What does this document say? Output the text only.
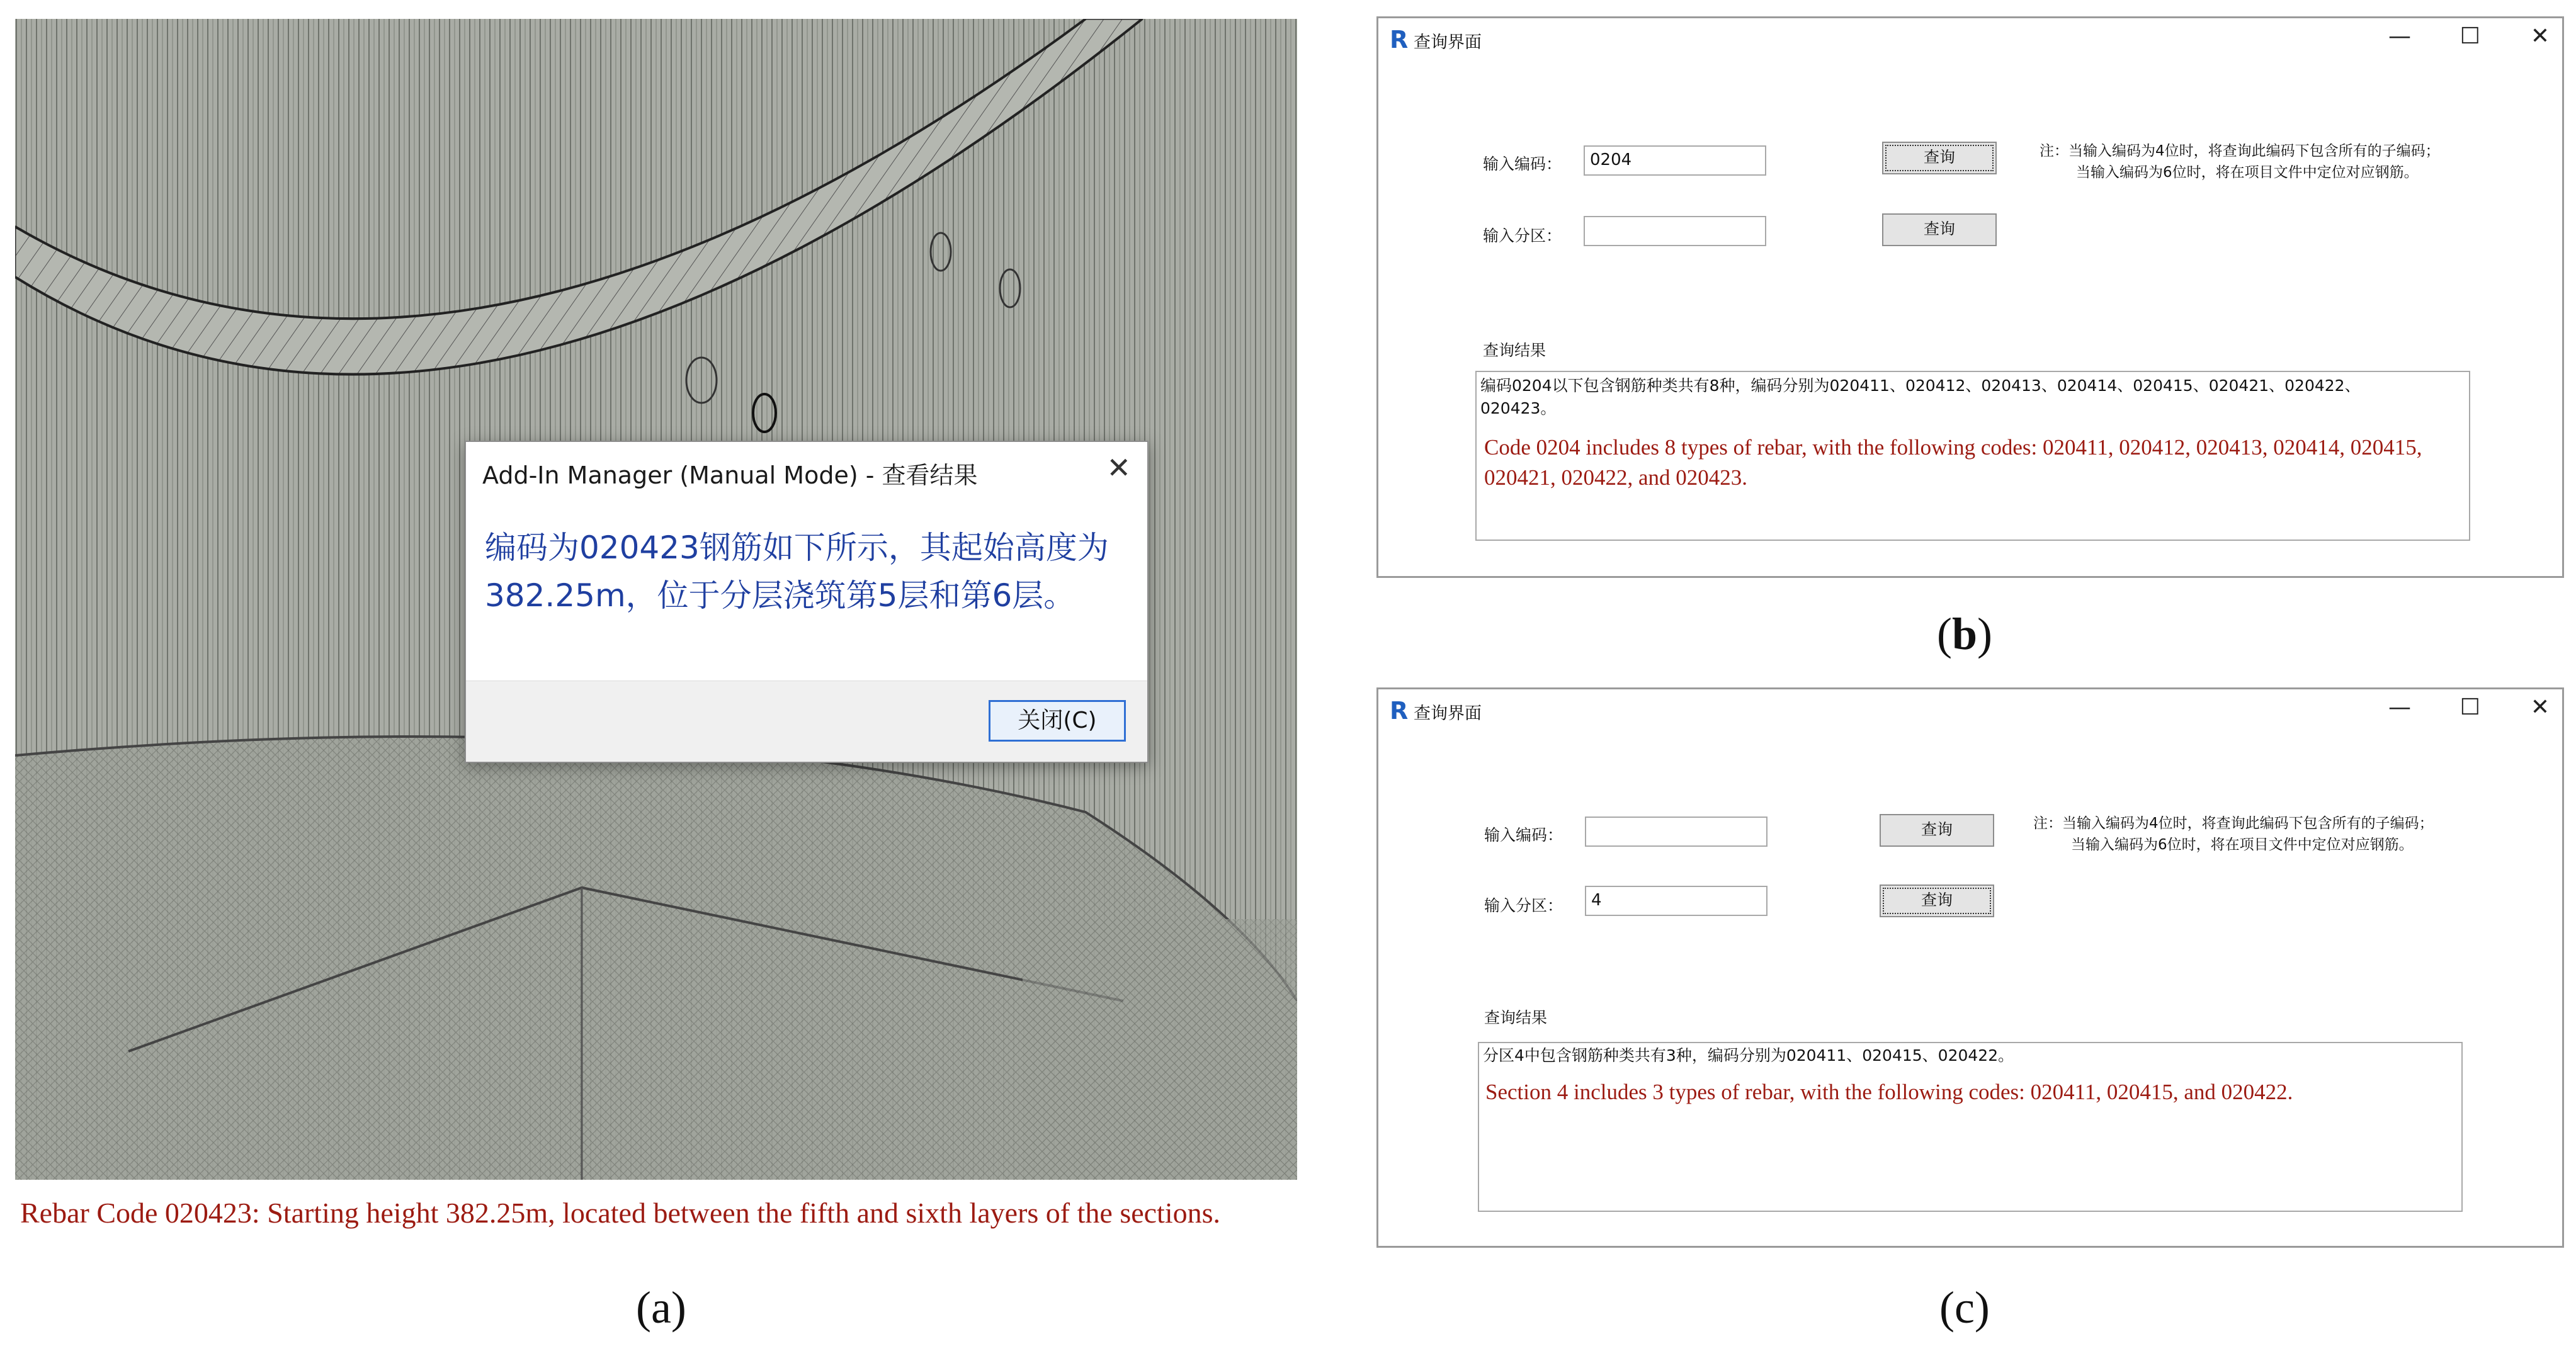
Add-In Manager (Manual Mode) - 查看结果	✕
编码为020423钢筋如下所示，其起始高度为382.25m，位于分层浇筑第5层和第6层。
关闭(C)
Rebar Code 020423: Starting height 382.25m, located between the fifth and sixth layers of the sections.
(a)
R 查询界面	— ☐ ✕
输入编码：	0204	查询	注：当输入编码为4位时，将查询此编码下包含所有的子编码；
当输入编码为6位时，将在项目文件中定位对应钢筋。
输入分区：	查询
查询结果
编码0204以下包含钢筋种类共有8种，编码分别为020411、020412、020413、020414、020415、020421、020422、020423。
Code 0204 includes 8 types of rebar, with the following codes: 020411, 020412, 020413, 020414, 020415, 020421, 020422, and 020423.
(b)
R 查询界面	— ☐ ✕
输入编码：	查询	注：当输入编码为4位时，将查询此编码下包含所有的子编码；
当输入编码为6位时，将在项目文件中定位对应钢筋。
输入分区：	4	查询
查询结果
分区4中包含钢筋种类共有3种，编码分别为020411、020415、020422。
Section 4 includes 3 types of rebar, with the following codes: 020411, 020415, and 020422.
(c)
